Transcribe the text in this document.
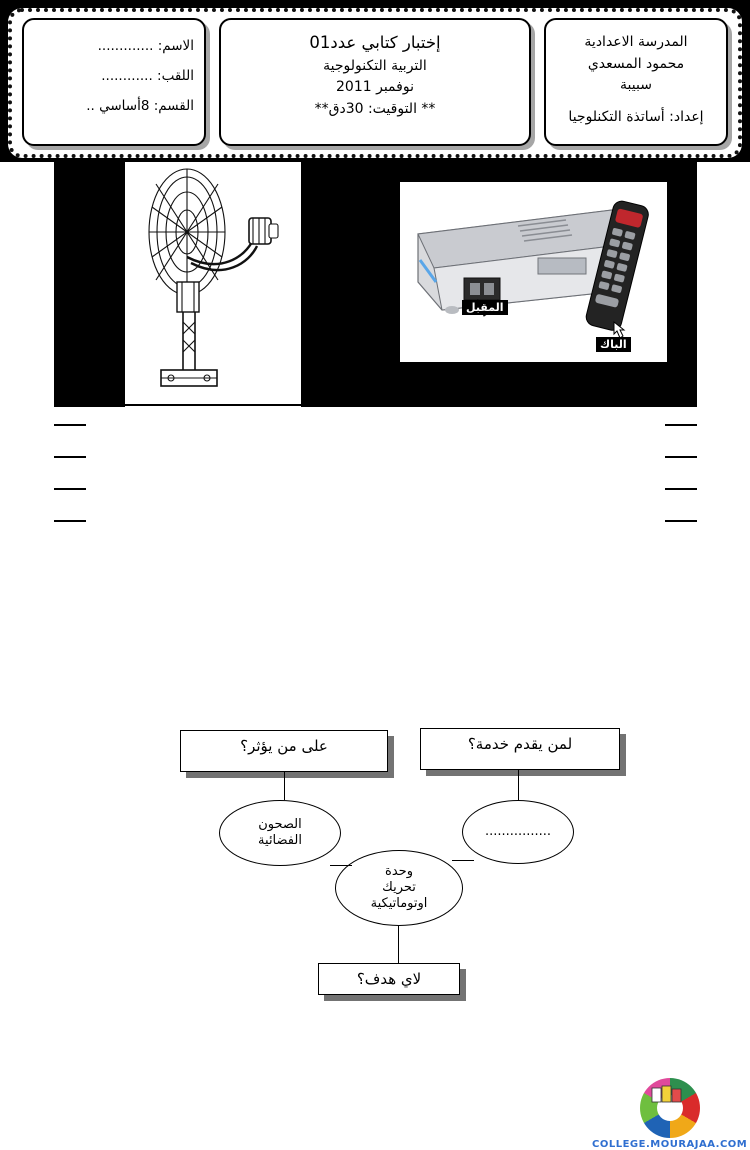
المدرسة الاعدادية
محمود المسعدي
سبيبة
إعداد: أساتذة التكنلوجيا
إختبار كتابي عدد01
التربية التكنولوجية
نوفمبر 2011
** التوقيت: 30دق**
الاسم: .............
اللقب: ............
القسم: 8أساسي ..
المقبل
الباك
على من يؤثر؟	لمن يقدم خدمة؟
الصحون
الفضائية
................
وحدة
تحريك
اوتوماتيكية
لاي هدف؟
COLLEGE.MOURAJAA.COM
